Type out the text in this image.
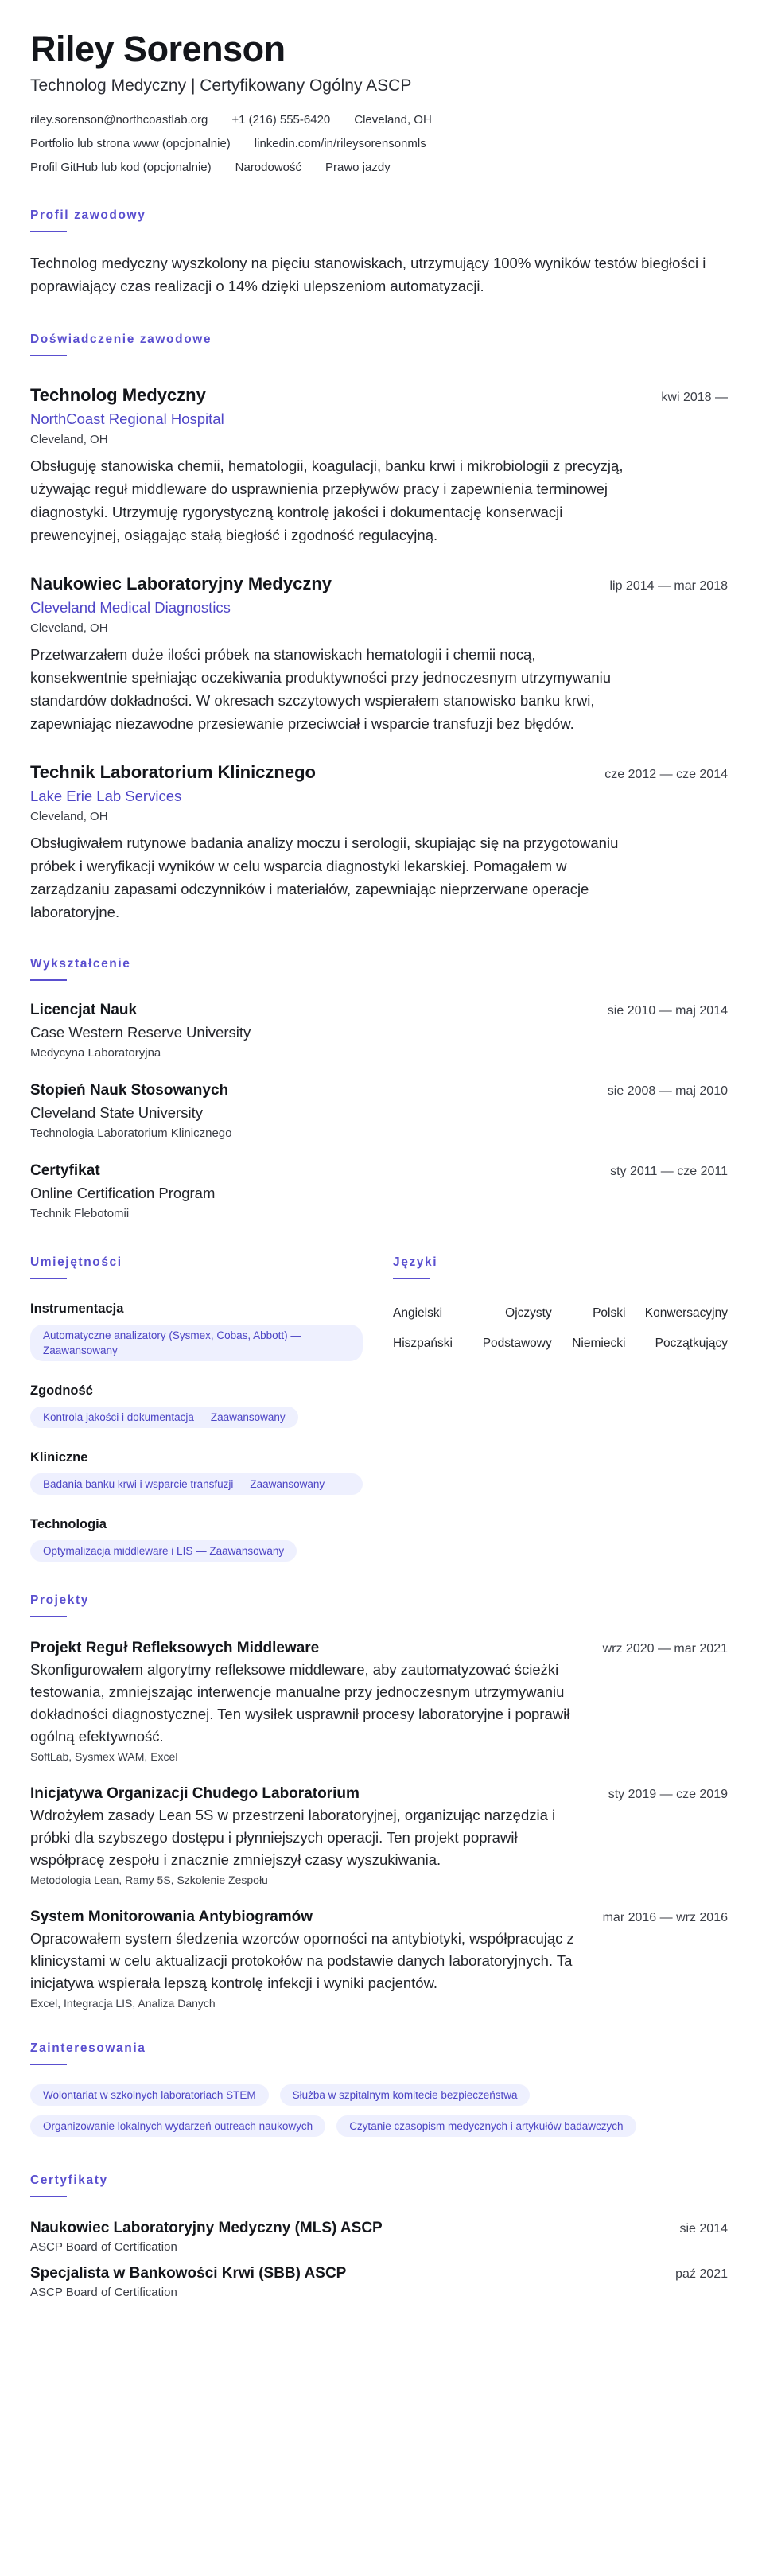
Riley Sorenson
Technolog Medyczny | Certyfikowany Ogólny ASCP
riley.sorenson@northcoastlab.org +1 (216) 555-6420 Cleveland, OH
Portfolio lub strona www (opcjonalnie) linkedin.com/in/rileysorensonmls
Profil GitHub lub kod (opcjonalnie) Narodowość Prawo jazdy
Profil zawodowy
Technolog medyczny wyszkolony na pięciu stanowiskach, utrzymujący 100% wyników testów biegłości i poprawiający czas realizacji o 14% dzięki ulepszeniom automatyzacji.
Doświadczenie zawodowe
Technolog Medyczny	kwi 2018 —
NorthCoast Regional Hospital
Cleveland, OH
Obsługuję stanowiska chemii, hematologii, koagulacji, banku krwi i mikrobiologii z precyzją, używając reguł middleware do usprawnienia przepływów pracy i zapewnienia terminowej diagnostyki. Utrzymuję rygorystyczną kontrolę jakości i dokumentację konserwacji prewencyjnej, osiągając stałą biegłość i zgodność regulacyjną.
Naukowiec Laboratoryjny Medyczny	lip 2014 — mar 2018
Cleveland Medical Diagnostics
Cleveland, OH
Przetwarzałem duże ilości próbek na stanowiskach hematologii i chemii nocą, konsekwentnie spełniając oczekiwania produktywności przy jednoczesnym utrzymywaniu standardów dokładności. W okresach szczytowych wspierałem stanowisko banku krwi, zapewniając niezawodne przesiewanie przeciwciał i wsparcie transfuzji bez błędów.
Technik Laboratorium Klinicznego	cze 2012 — cze 2014
Lake Erie Lab Services
Cleveland, OH
Obsługiwałem rutynowe badania analizy moczu i serologii, skupiając się na przygotowaniu próbek i weryfikacji wyników w celu wsparcia diagnostyki lekarskiej. Pomagałem w zarządzaniu zapasami odczynników i materiałów, zapewniając nieprzerwane operacje laboratoryjne.
Wykształcenie
Licencjat Nauk	sie 2010 — maj 2014
Case Western Reserve University
Medycyna Laboratoryjna
Stopień Nauk Stosowanych	sie 2008 — maj 2010
Cleveland State University
Technologia Laboratorium Klinicznego
Certyfikat	sty 2011 — cze 2011
Online Certification Program
Technik Flebotomii
Umiejętności
Instrumentacja
Automatyczne analizatory (Sysmex, Cobas, Abbott) — Zaawansowany
Zgodność
Kontrola jakości i dokumentacja — Zaawansowany
Kliniczne
Badania banku krwi i wsparcie transfuzji — Zaawansowany
Technologia
Optymalizacja middleware i LIS — Zaawansowany
Języki
Angielski	Ojczysty	Polski	Konwersacyjny
Hiszpański	Podstawowy	Niemiecki	Początkujący
Projekty
Projekt Reguł Refleksowych Middleware	wrz 2020 — mar 2021
Skonfigurowałem algorytmy refleksowe middleware, aby zautomatyzować ścieżki testowania, zmniejszając interwencje manualne przy jednoczesnym utrzymywaniu dokładności diagnostycznej. Ten wysiłek usprawnił procesy laboratoryjne i poprawił ogólną efektywność.
SoftLab, Sysmex WAM, Excel
Inicjatywa Organizacji Chudego Laboratorium	sty 2019 — cze 2019
Wdrożyłem zasady Lean 5S w przestrzeni laboratoryjnej, organizując narzędzia i próbki dla szybszego dostępu i płynniejszych operacji. Ten projekt poprawił współpracę zespołu i znacznie zmniejszył czasy wyszukiwania.
Metodologia Lean, Ramy 5S, Szkolenie Zespołu
System Monitorowania Antybiogramów	mar 2016 — wrz 2016
Opracowałem system śledzenia wzorców oporności na antybiotyki, współpracując z klinicystami w celu aktualizacji protokołów na podstawie danych laboratoryjnych. Ta inicjatywa wspierała lepszą kontrolę infekcji i wyniki pacjentów.
Excel, Integracja LIS, Analiza Danych
Zainteresowania
Wolontariat w szkolnych laboratoriach STEM	Służba w szpitalnym komitecie bezpieczeństwa
Organizowanie lokalnych wydarzeń outreach naukowych	Czytanie czasopism medycznych i artykułów badawczych
Certyfikaty
Naukowiec Laboratoryjny Medyczny (MLS) ASCP	sie 2014
ASCP Board of Certification
Specjalista w Bankowości Krwi (SBB) ASCP	paź 2021
ASCP Board of Certification
